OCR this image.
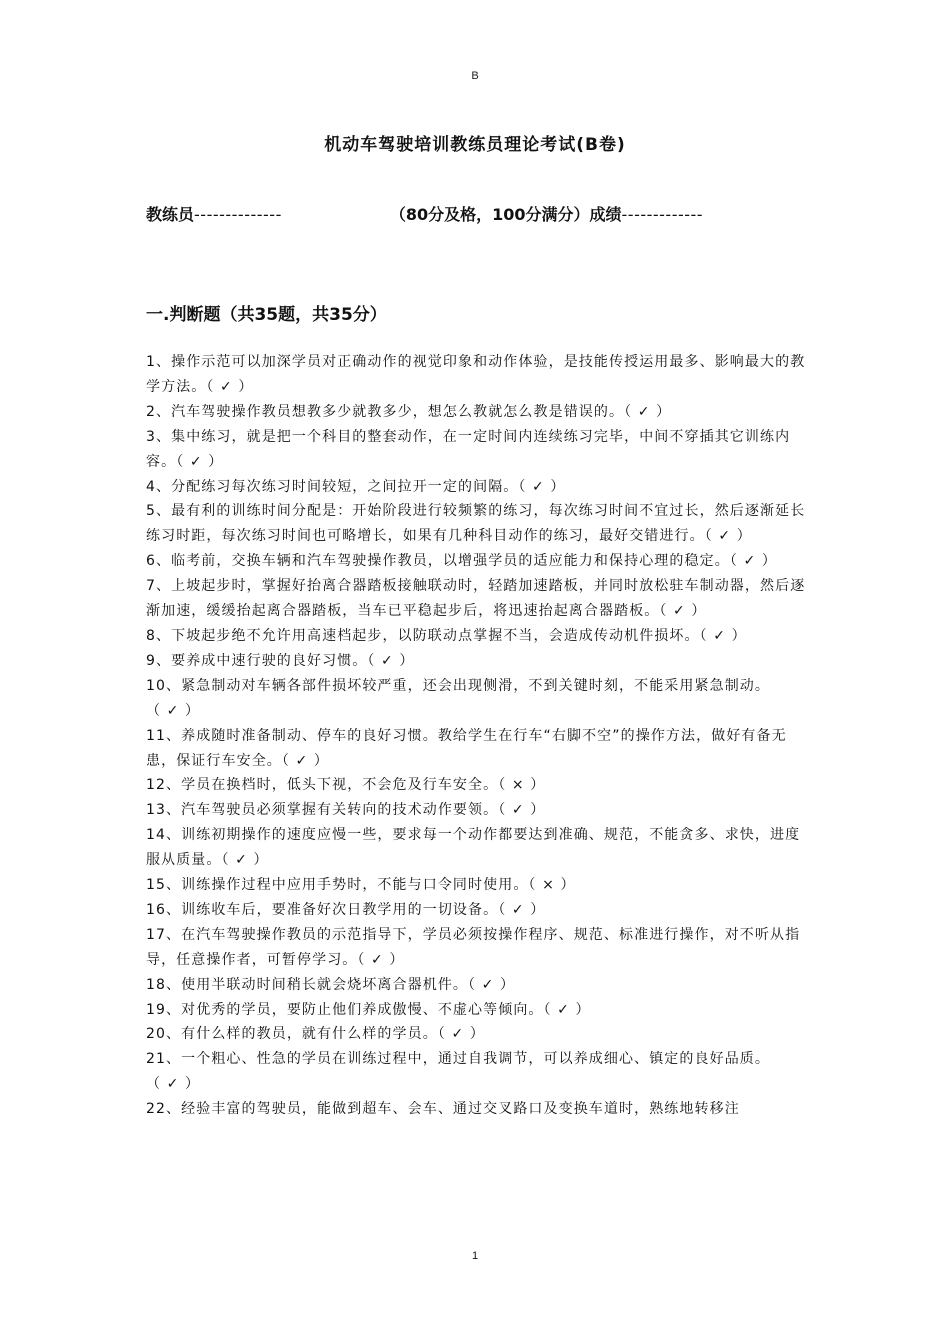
B
机动车驾驶培训教练员理论考试(B卷)
教练员--------------	（80分及格，100分满分）成绩-------------
一.判断题（共35题，共35分）

1、操作示范可以加深学员对正确动作的视觉印象和动作体验，是技能传授运用最多、影响最大的教学方法。（ ✓ ）

2、汽车驾驶操作教员想教多少就教多少，想怎么教就怎么教是错误的。（ ✓ ）

3、集中练习，就是把一个科目的整套动作，在一定时间内连续练习完毕，中间不穿插其它训练内容。（ ✓ ）

4、分配练习每次练习时间较短，之间拉开一定的间隔。（ ✓ ）

5、最有利的训练时间分配是：开始阶段进行较频繁的练习，每次练习时间不宜过长，然后逐渐延长练习时距，每次练习时间也可略增长，如果有几种科目动作的练习，最好交错进行。（ ✓ ）

6、临考前，交换车辆和汽车驾驶操作教员，以增强学员的适应能力和保持心理的稳定。（ ✓ ）

7、上坡起步时，掌握好抬离合器踏板接触联动时，轻踏加速踏板，并同时放松驻车制动器，然后逐渐加速，缓缓抬起离合器踏板，当车已平稳起步后，将迅速抬起离合器踏板。（ ✓ ）

8、下坡起步绝不允许用高速档起步，以防联动点掌握不当，会造成传动机件损坏。（ ✓ ）

9、要养成中速行驶的良好习惯。（ ✓ ）

10、紧急制动对车辆各部件损坏较严重，还会出现侧滑，不到关键时刻，不能采用紧急制动。（ ✓ ）

11、养成随时准备制动、停车的良好习惯。教给学生在行车“右脚不空”的操作方法，做好有备无患，保证行车安全。（ ✓ ）

12、学员在换档时，低头下视，不会危及行车安全。（ × ）

13、汽车驾驶员必须掌握有关转向的技术动作要领。（ ✓ ）

14、训练初期操作的速度应慢一些，要求每一个动作都要达到准确、规范，不能贪多、求快，进度服从质量。（ ✓ ）

15、训练操作过程中应用手势时，不能与口令同时使用。（ × ）

16、训练收车后，要准备好次日教学用的一切设备。（ ✓ ）

17、在汽车驾驶操作教员的示范指导下，学员必须按操作程序、规范、标准进行操作，对不听从指导，任意操作者，可暂停学习。（ ✓ ）

18、使用半联动时间稍长就会烧坏离合器机件。（ ✓ ）

19、对优秀的学员，要防止他们养成傲慢、不虚心等倾向。（ ✓ ）

20、有什么样的教员，就有什么样的学员。（ ✓ ）

21、一个粗心、性急的学员在训练过程中，通过自我调节，可以养成细心、镇定的良好品质。（ ✓ ）

22、经验丰富的驾驶员，能做到超车、会车、通过交叉路口及变换车道时，熟练地转移注

1
